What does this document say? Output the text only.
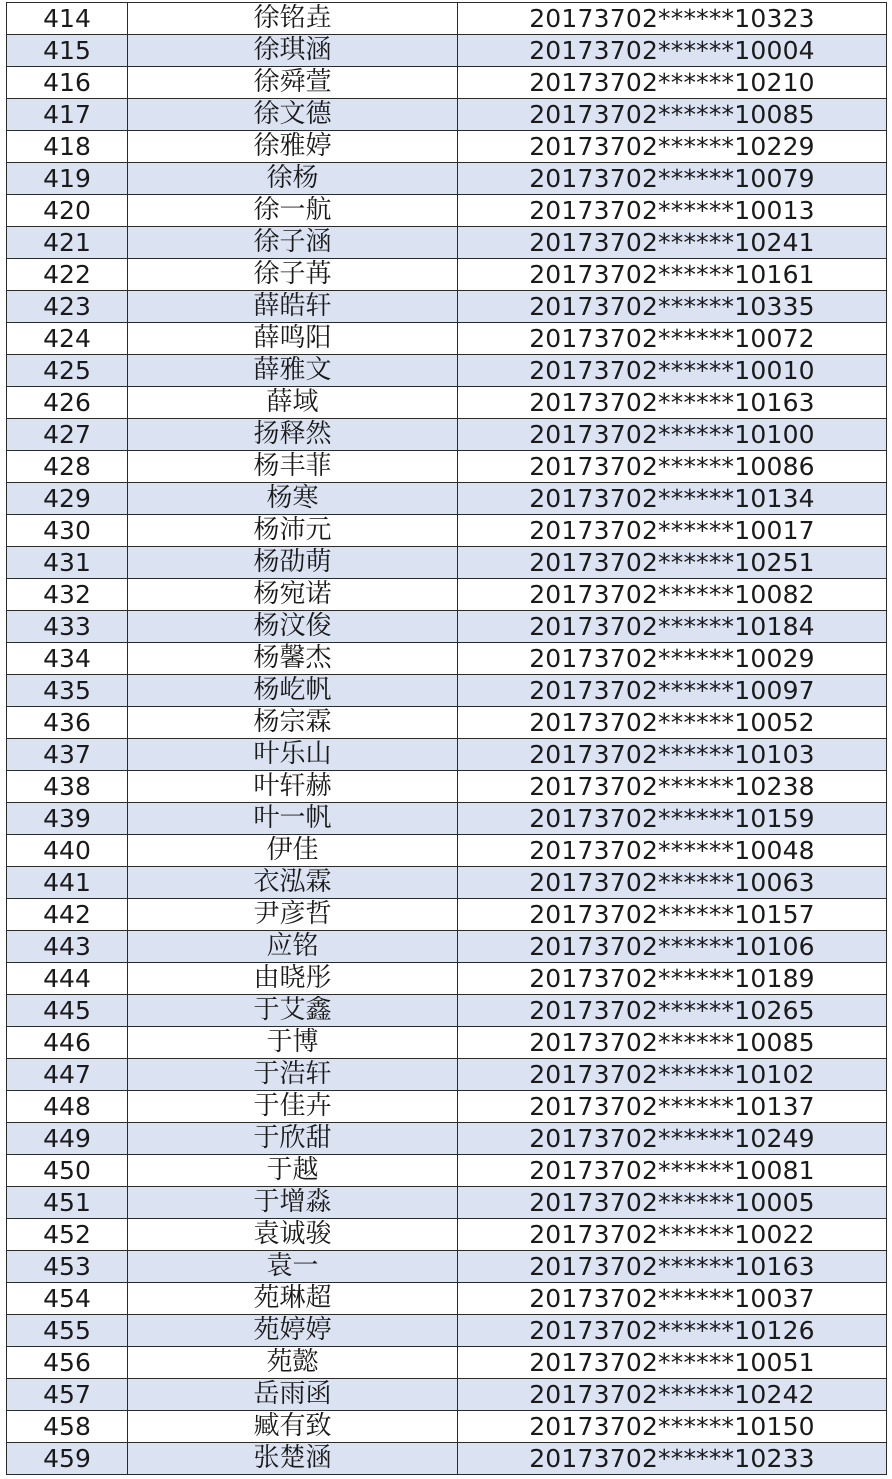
414	徐铭垚	20173702******10323
415	徐琪涵	20173702******10004
416	徐舜萱	20173702******10210
417	徐文德	20173702******10085
418	徐雅婷	20173702******10229
419	徐杨	20173702******10079
420	徐一航	20173702******10013
421	徐子涵	20173702******10241
422	徐子苒	20173702******10161
423	薛皓轩	20173702******10335
424	薛鸣阳	20173702******10072
425	薛雅文	20173702******10010
426	薛域	20173702******10163
427	扬释然	20173702******10100
428	杨丰菲	20173702******10086
429	杨寒	20173702******10134
430	杨沛元	20173702******10017
431	杨劭萌	20173702******10251
432	杨宛诺	20173702******10082
433	杨汶俊	20173702******10184
434	杨馨杰	20173702******10029
435	杨屹帆	20173702******10097
436	杨宗霖	20173702******10052
437	叶乐山	20173702******10103
438	叶轩赫	20173702******10238
439	叶一帆	20173702******10159
440	伊佳	20173702******10048
441	衣泓霖	20173702******10063
442	尹彦哲	20173702******10157
443	应铭	20173702******10106
444	由晓彤	20173702******10189
445	于艾鑫	20173702******10265
446	于博	20173702******10085
447	于浩轩	20173702******10102
448	于佳卉	20173702******10137
449	于欣甜	20173702******10249
450	于越	20173702******10081
451	于增淼	20173702******10005
452	袁诚骏	20173702******10022
453	袁一	20173702******10163
454	苑琳超	20173702******10037
455	苑婷婷	20173702******10126
456	苑懿	20173702******10051
457	岳雨函	20173702******10242
458	臧有致	20173702******10150
459	张楚涵	20173702******10233
